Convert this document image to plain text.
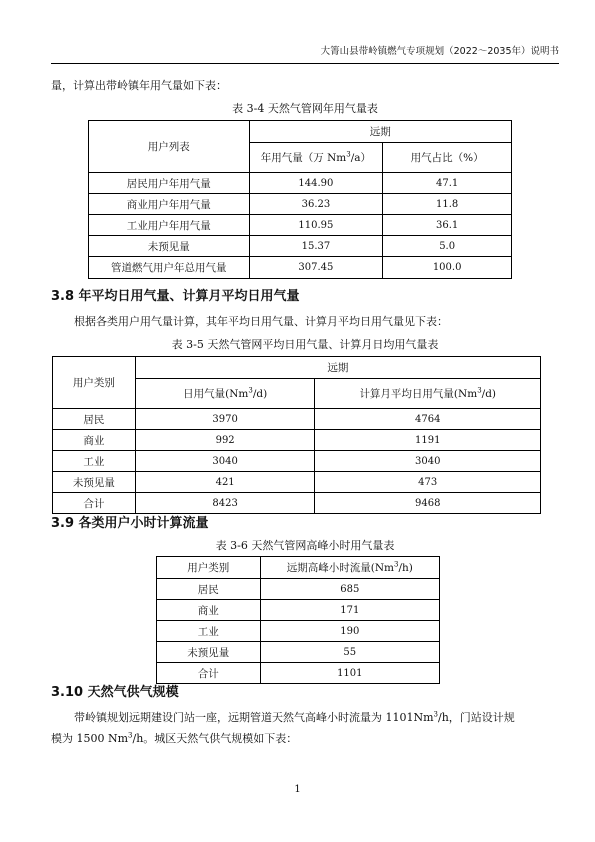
大箐山县带岭镇燃气专项规划（2022～2035年）说明书

量，计算出带岭镇年用气量如下表：

表 3-4 天然气管网年用气量表

用户列表	远期	
	年用气量（万 Nm$^3$/a）	用气占比（%）
居民用户年用气量	144.90	47.1
商业用户年用气量	36.23	11.8
工业用户年用气量	110.95	36.1
未预见量	15.37	5.0
管道燃气用户年总用气量	307.45	100.0
3.8 年平均日用气量、计算月平均日用气量

根据各类用户用气量计算，其年平均日用气量、计算月平均日用气量见下表：

表 3-5 天然气管网平均日用气量、计算月日均用气量表

用户类别	远期	
	日用气量(Nm$^3$/d)	计算月平均日用气量(Nm$^3$/d)
居民	3970	4764
商业	992	1191
工业	3040	3040
未预见量	421	473
合计	8423	9468
3.9 各类用户小时计算流量

表 3-6 天然气管网高峰小时用气量表

用户类别	远期高峰小时流量(Nm$^3$/h)
居民	685
商业	171
工业	190
未预见量	55
合计	1101
3.10 天然气供气规模

带岭镇规划远期建设门站一座，远期管道天然气高峰小时流量为 1101Nm$^3$/h，门站设计规

模为 1500 Nm$^3$/h。城区天然气供气规模如下表：

1
